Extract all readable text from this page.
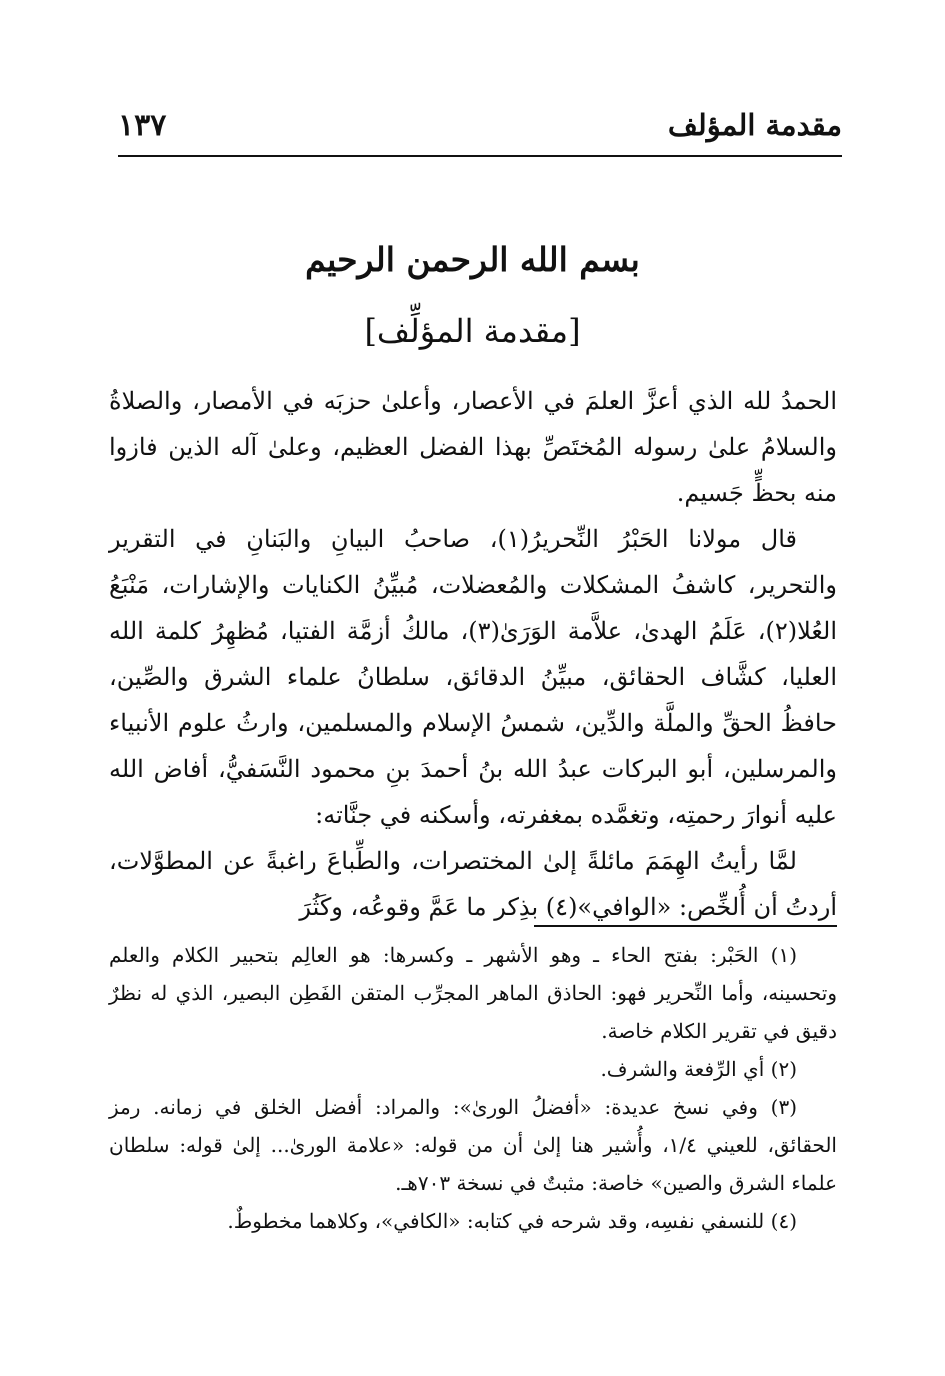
مقدمة المؤلف
١٣٧
بسم الله الرحمن الرحيم
[مقدمة المؤلِّف]

الحمدُ لله الذي أعزَّ العلمَ في الأعصار، وأعلىٰ حزبَه في الأمصار، والصلاةُ والسلامُ علىٰ رسوله المُختَصِّ بهذا الفضل العظيم، وعلىٰ آله الذين فازوا منه بحظٍّ جَسيم.

قال مولانا الحَبْرُ النِّحريرُ(١)، صاحبُ البيانِ والبَنانِ في التقرير والتحرير، كاشفُ المشكلات والمُعضلات، مُبيِّنُ الكنايات والإشارات، مَنْبَعُ العُلا(٢)، عَلَمُ الهدىٰ، علاَّمة الوَرَىٰ(٣)، مالكُ أزمَّة الفتيا، مُظهِرُ كلمة الله العليا، كشَّاف الحقائق، مبيِّنُ الدقائق، سلطانُ علماء الشرق والصِّين، حافظُ الحقِّ والملَّة والدِّين، شمسُ الإسلام والمسلمين، وارثُ علوم الأنبياء والمرسلين، أبو البركات عبدُ الله بنُ أحمدَ بنِ محمود النَّسَفيُّ، أفاض الله عليه أنوارَ رحمتِه، وتغمَّده بمغفرته، وأسكنه في جنَّاته:

لمَّا رأيتُ الهِمَمَ مائلةً إلىٰ المختصرات، والطِّباعَ راغبةً عن المطوَّلات، أردتُ أن أُلخِّص: «الوافي»(٤) بذِكر ما عَمَّ وقوعُه، وكَثُرَ

(١) الحَبْر: بفتح الحاء ـ وهو الأشهر ـ وكسرها: هو العالِم بتحبير الكلام والعلم وتحسينه، وأما النِّحرير فهو: الحاذق الماهر المجرِّب المتقن الفَطِن البصير، الذي له نظرٌ دقيق في تقرير الكلام خاصة.

(٢) أي الرِّفعة والشرف.

(٣) وفي نسخ عديدة: «أفضلُ الورىٰ»: والمراد: أفضل الخلق في زمانه. رمز الحقائق، للعيني ١/٤، وأُشير هنا إلىٰ أن من قوله: «علامة الورىٰ... إلىٰ قوله: سلطان علماء الشرق والصين» خاصة: مثبتٌ في نسخة ٧٠٣هـ.

(٤) للنسفي نفسِه، وقد شرحه في كتابه: «الكافي»، وكلاهما مخطوطٌ.
